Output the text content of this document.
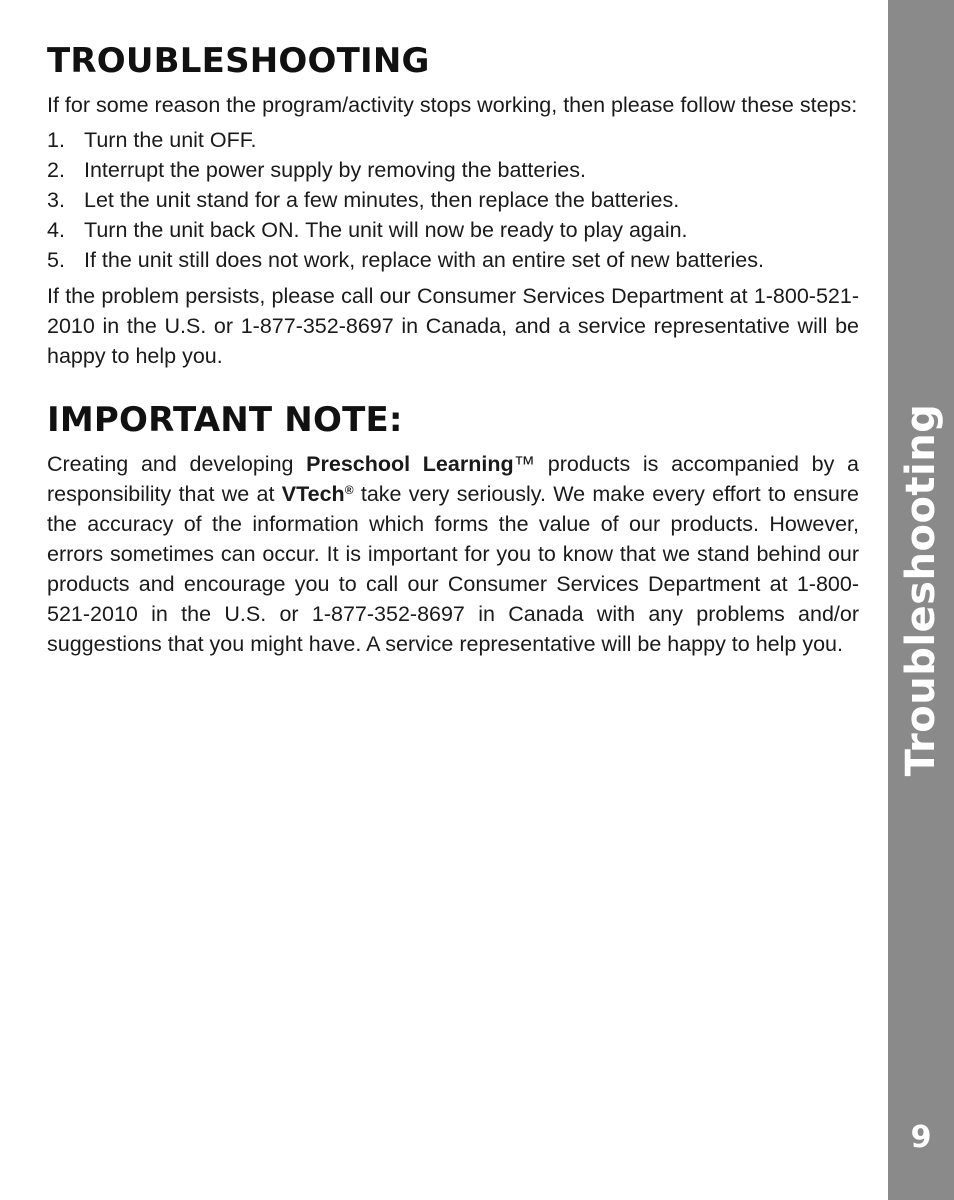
TROUBLESHOOTING

If for some reason the program/activity stops working, then please follow these steps:

1. Turn the unit OFF.
2. Interrupt the power supply by removing the batteries.
3. Let the unit stand for a few minutes, then replace the batteries.
4. Turn the unit back ON. The unit will now be ready to play again.
5. If the unit still does not work, replace with an entire set of new batteries.

If the problem persists, please call our Consumer Services Department at 1-800-521-2010 in the U.S. or 1-877-352-8697 in Canada, and a service representative will be happy to help you.

IMPORTANT NOTE:

Creating and developing Preschool Learning™ products is accompanied by a responsibility that we at VTech® take very seriously. We make every effort to ensure the accuracy of the information which forms the value of our products. However, errors sometimes can occur. It is important for you to know that we stand behind our products and encourage you to call our Consumer Services Department at 1-800-521-2010 in the U.S. or 1-877-352-8697 in Canada with any problems and/or suggestions that you might have. A service representative will be happy to help you.	Troubleshooting
9
